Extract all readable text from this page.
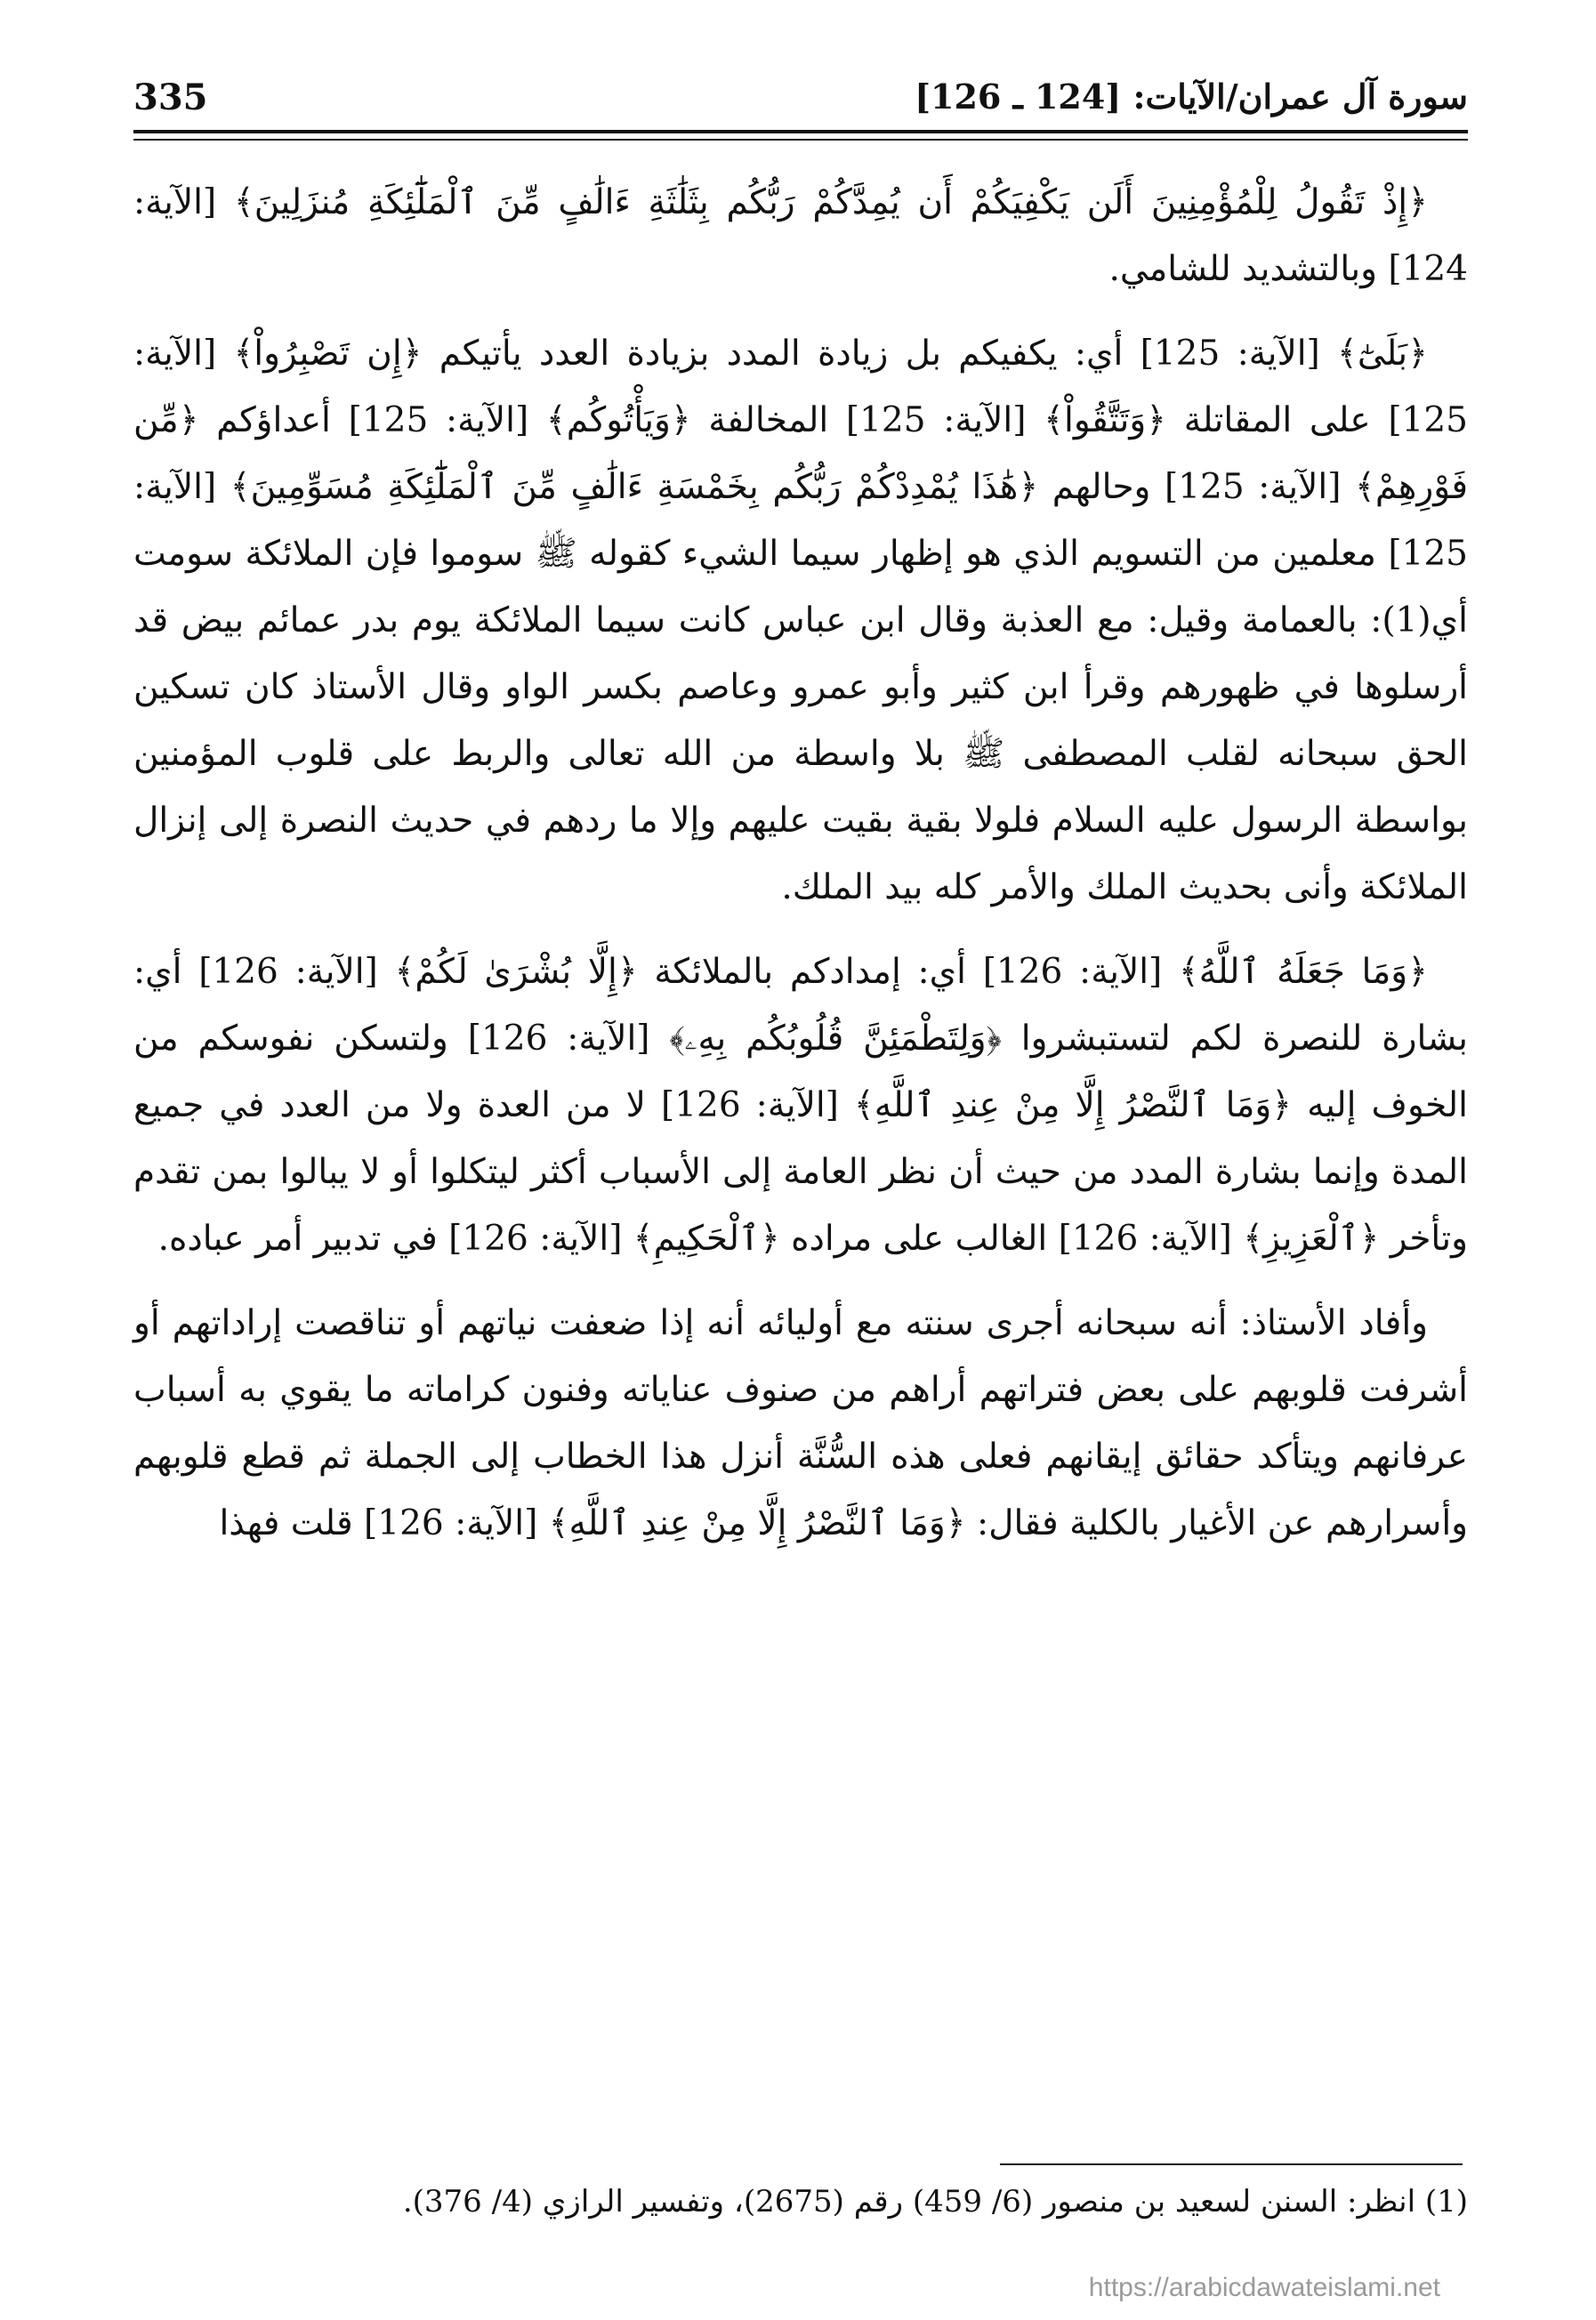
سورة آل عمران/الآيات: [124 ـ 126]
335

﴿إِذْ تَقُولُ لِلْمُؤْمِنِينَ أَلَن يَكْفِيَكُمْ أَن يُمِدَّكُمْ رَبُّكُم بِثَلَٰثَةِ ءَالَٰفٍ مِّنَ ٱلْمَلَٰٓئِكَةِ مُنزَلِينَ﴾ [الآية: 124] وبالتشديد للشامي.

﴿بَلَىٰٓ﴾ [الآية: 125] أي: يكفيكم بل زيادة المدد بزيادة العدد يأتيكم ﴿إِن تَصْبِرُواْ﴾ [الآية: 125] على المقاتلة ﴿وَتَتَّقُواْ﴾ [الآية: 125] المخالفة ﴿وَيَأْتُوكُم﴾ [الآية: 125] أعداؤكم ﴿مِّن فَوْرِهِمْ﴾ [الآية: 125] وحالهم ﴿هَٰذَا يُمْدِدْكُمْ رَبُّكُم بِخَمْسَةِ ءَالَٰفٍ مِّنَ ٱلْمَلَٰٓئِكَةِ مُسَوِّمِينَ﴾ [الآية: 125] معلمين من التسويم الذي هو إظهار سيما الشيء كقوله ﷺ سوموا فإن الملائكة سومت أي(1): بالعمامة وقيل: مع العذبة وقال ابن عباس كانت سيما الملائكة يوم بدر عمائم بيض قد أرسلوها في ظهورهم وقرأ ابن كثير وأبو عمرو وعاصم بكسر الواو وقال الأستاذ كان تسكين الحق سبحانه لقلب المصطفى ﷺ بلا واسطة من الله تعالى والربط على قلوب المؤمنين بواسطة الرسول عليه السلام فلولا بقية بقيت عليهم وإلا ما ردهم في حديث النصرة إلى إنزال الملائكة وأنى بحديث الملك والأمر كله بيد الملك.

﴿وَمَا جَعَلَهُ ٱللَّهُ﴾ [الآية: 126] أي: إمدادكم بالملائكة ﴿إِلَّا بُشْرَىٰ لَكُمْ﴾ [الآية: 126] أي: بشارة للنصرة لكم لتستبشروا ﴿وَلِتَطْمَئِنَّ قُلُوبُكُم بِهِۦ﴾ [الآية: 126] ولتسكن نفوسكم من الخوف إليه ﴿وَمَا ٱلنَّصْرُ إِلَّا مِنْ عِندِ ٱللَّهِ﴾ [الآية: 126] لا من العدة ولا من العدد في جميع المدة وإنما بشارة المدد من حيث أن نظر العامة إلى الأسباب أكثر ليتكلوا أو لا يبالوا بمن تقدم وتأخر ﴿ٱلْعَزِيزِ﴾ [الآية: 126] الغالب على مراده ﴿ٱلْحَكِيمِ﴾ [الآية: 126] في تدبير أمر عباده.

وأفاد الأستاذ: أنه سبحانه أجرى سنته مع أوليائه أنه إذا ضعفت نياتهم أو تناقصت إراداتهم أو أشرفت قلوبهم على بعض فتراتهم أراهم من صنوف عناياته وفنون كراماته ما يقوي به أسباب عرفانهم ويتأكد حقائق إيقانهم فعلى هذه السُّنَّة أنزل هذا الخطاب إلى الجملة ثم قطع قلوبهم وأسرارهم عن الأغيار بالكلية فقال: ﴿وَمَا ٱلنَّصْرُ إِلَّا مِنْ عِندِ ٱللَّهِ﴾ [الآية: 126] قلت فهذا

(1) انظر: السنن لسعيد بن منصور (6/ 459) رقم (2675)، وتفسير الرازي (4/ 376).
https://arabicdawateislami.net
